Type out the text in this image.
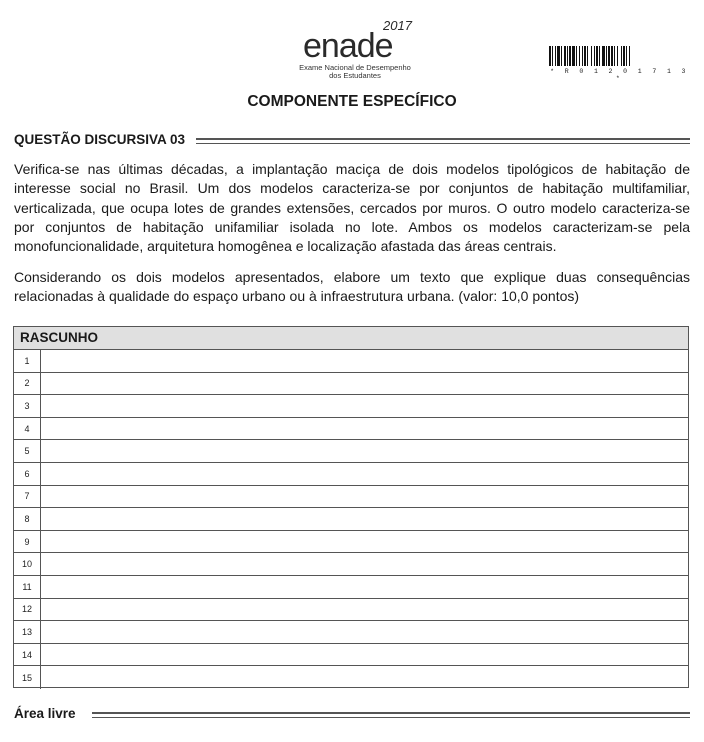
enade
2017
Exame Nacional de Desempenho
dos Estudantes	* R 0 1 2 0 1 7 1 3 *
COMPONENTE ESPECÍFICO
QUESTÃO DISCURSIVA 03
Verifica-se nas últimas décadas, a implantação maciça de dois modelos tipológicos de habitação de interesse social no Brasil. Um dos modelos caracteriza-se por conjuntos de habitação multifamiliar, verticalizada, que ocupa lotes de grandes extensões, cercados por muros. O outro modelo caracteriza-se por conjuntos de habitação unifamiliar isolada no lote. Ambos os modelos caracterizam-se pela monofuncionalidade, arquitetura homogênea e localização afastada das áreas centrais.
Considerando os dois modelos apresentados, elabore um texto que explique duas consequências relacionadas à qualidade do espaço urbano ou à infraestrutura urbana. (valor: 10,0 pontos)
RASCUNHO
1
2
3
4
5
6
7
8
9
10
11
12
13
14
15
Área livre
